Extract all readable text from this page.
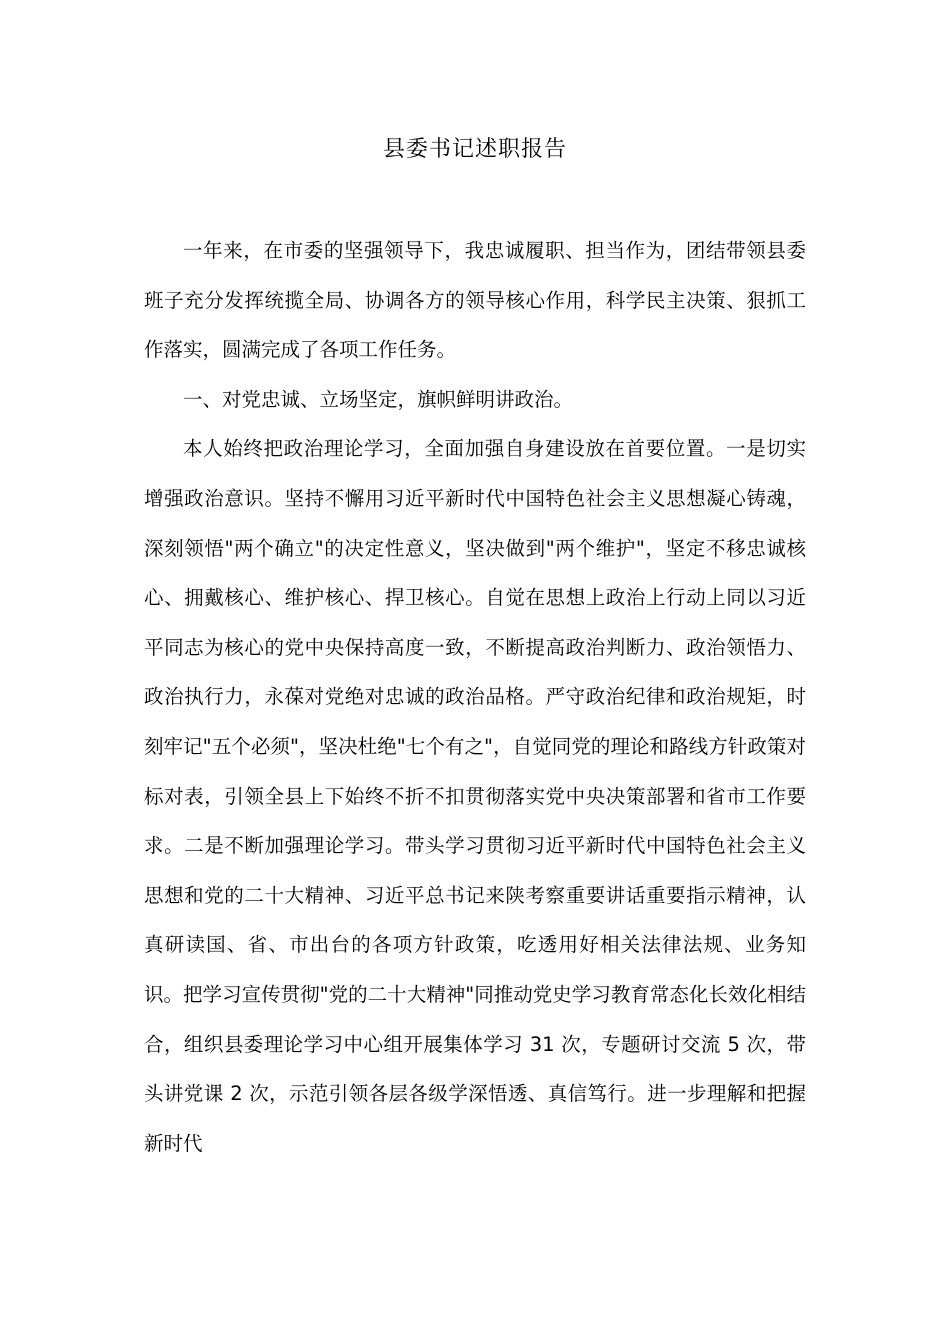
县委书记述职报告

一年来，在市委的坚强领导下，我忠诚履职、担当作为，团结带领县委班子充分发挥统揽全局、协调各方的领导核心作用，科学民主决策、狠抓工作落实，圆满完成了各项工作任务。

一、对党忠诚、立场坚定，旗帜鲜明讲政治。

本人始终把政治理论学习，全面加强自身建设放在首要位置。一是切实增强政治意识。坚持不懈用习近平新时代中国特色社会主义思想凝心铸魂，深刻领悟"两个确立"的决定性意义，坚决做到"两个维护"，坚定不移忠诚核心、拥戴核心、维护核心、捍卫核心。自觉在思想上政治上行动上同以习近平同志为核心的党中央保持高度一致，不断提高政治判断力、政治领悟力、政治执行力，永葆对党绝对忠诚的政治品格。严守政治纪律和政治规矩，时刻牢记"五个必须"，坚决杜绝"七个有之"，自觉同党的理论和路线方针政策对标对表，引领全县上下始终不折不扣贯彻落实党中央决策部署和省市工作要求。二是不断加强理论学习。带头学习贯彻习近平新时代中国特色社会主义思想和党的二十大精神、习近平总书记来陕考察重要讲话重要指示精神，认真研读国、省、市出台的各项方针政策，吃透用好相关法律法规、业务知识。把学习宣传贯彻"党的二十大精神"同推动党史学习教育常态化长效化相结合，组织县委理论学习中心组开展集体学习 31 次，专题研讨交流 5 次，带头讲党课 2 次，示范引领各层各级学深悟透、真信笃行。进一步理解和把握新时代
